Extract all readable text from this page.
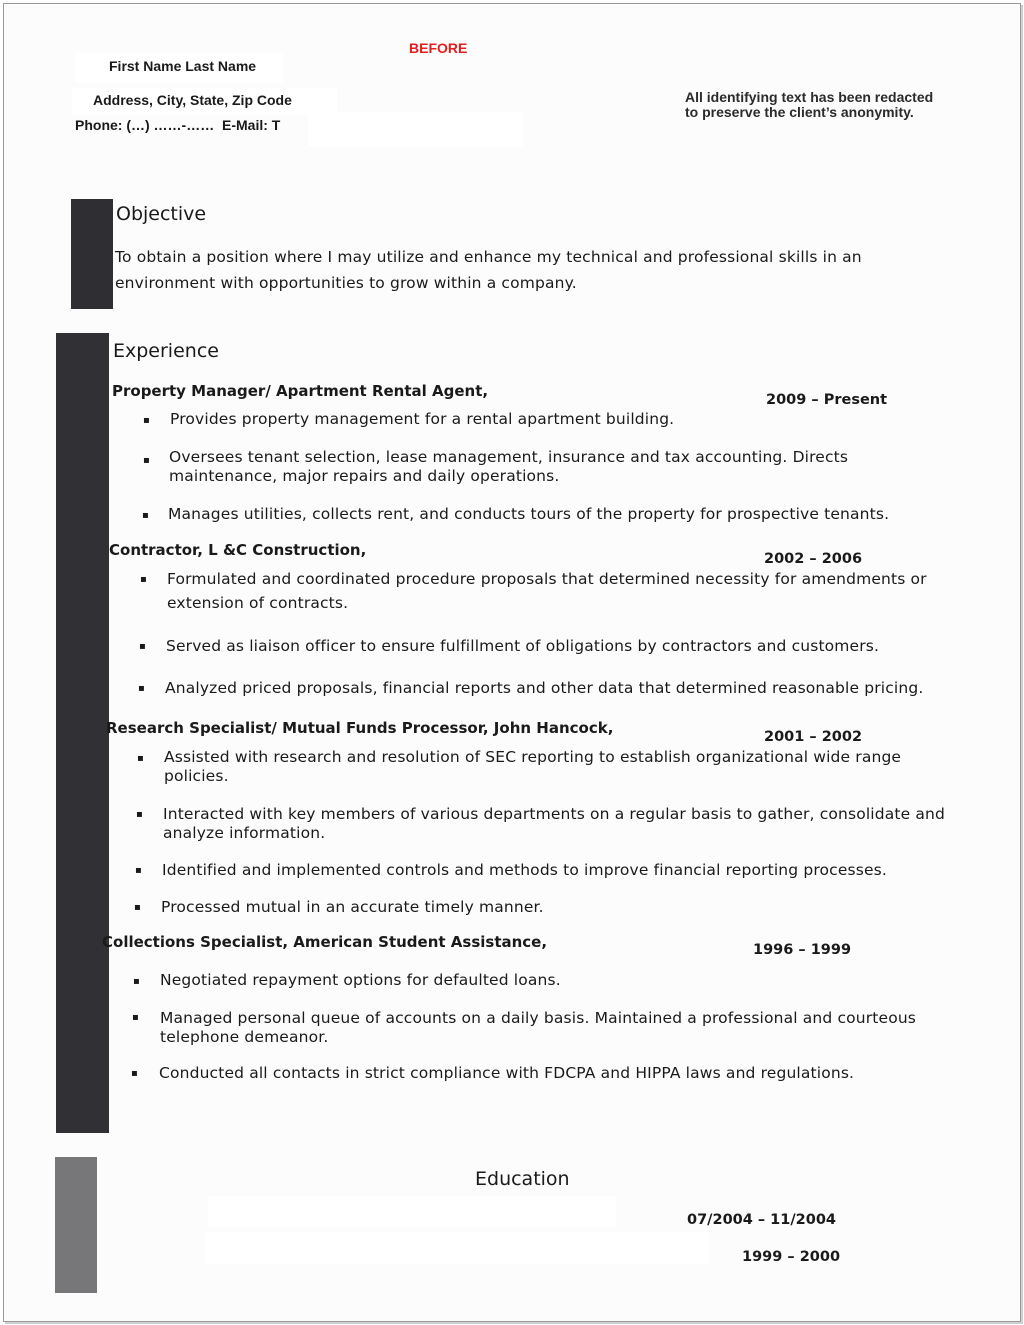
BEFORE
First Name Last Name
Address, City, State, Zip Code
Phone: (…) ……-…… E-Mail: T
All identifying text has been redacted
to preserve the client’s anonymity.
Objective
To obtain a position where I may utilize and enhance my technical and professional skills in an
environment with opportunities to grow within a company.
Experience
Property Manager/ Apartment Rental Agent,	2009 – Present
▪ Provides property management for a rental apartment building.
▪ Oversees tenant selection, lease management, insurance and tax accounting. Directs
maintenance, major repairs and daily operations.
▪ Manages utilities, collects rent, and conducts tours of the property for prospective tenants.
Contractor, L &C Construction,	2002 – 2006
▪ Formulated and coordinated procedure proposals that determined necessity for amendments or
extension of contracts.
▪ Served as liaison officer to ensure fulfillment of obligations by contractors and customers.
▪ Analyzed priced proposals, financial reports and other data that determined reasonable pricing.
Research Specialist/ Mutual Funds Processor, John Hancock,	2001 – 2002
▪ Assisted with research and resolution of SEC reporting to establish organizational wide range
policies.
▪ Interacted with key members of various departments on a regular basis to gather, consolidate and
analyze information.
▪ Identified and implemented controls and methods to improve financial reporting processes.
▪ Processed mutual in an accurate timely manner.
Collections Specialist, American Student Assistance,	1996 – 1999
▪ Negotiated repayment options for defaulted loans.
▪ Managed personal queue of accounts on a daily basis. Maintained a professional and courteous
telephone demeanor.
▪ Conducted all contacts in strict compliance with FDCPA and HIPPA laws and regulations.
Education
07/2004 – 11/2004
1999 – 2000
